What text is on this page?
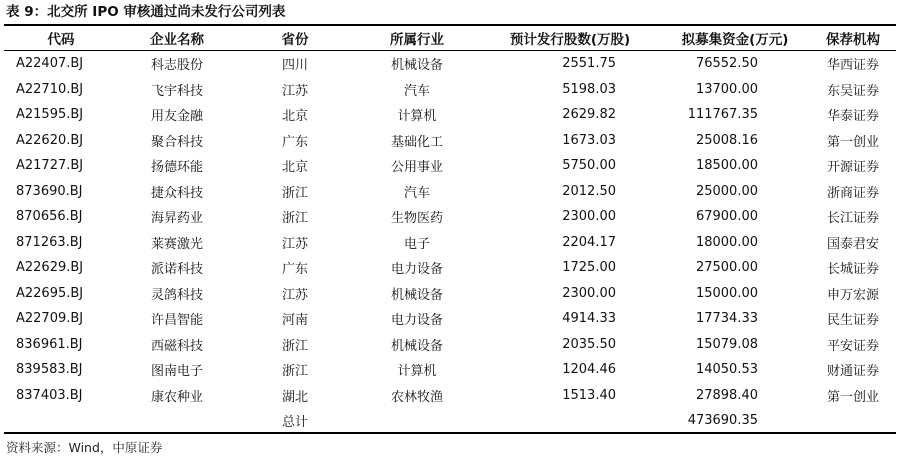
表 9：北交所 IPO 审核通过尚未发行公司列表
代码	企业名称	省份	所属行业	预计发行股数(万股)	拟募集资金(万元)	保荐机构
A22407.BJ	科志股份	四川	机械设备	2551.75	76552.50	华西证券
A22710.BJ	飞宇科技	江苏	汽车	5198.03	13700.00	东吴证券
A21595.BJ	用友金融	北京	计算机	2629.82	111767.35	华泰证券
A22620.BJ	聚合科技	广东	基础化工	1673.03	25008.16	第一创业
A21727.BJ	扬德环能	北京	公用事业	5750.00	18500.00	开源证券
873690.BJ	捷众科技	浙江	汽车	2012.50	25000.00	浙商证券
870656.BJ	海昇药业	浙江	生物医药	2300.00	67900.00	长江证券
871263.BJ	莱赛激光	江苏	电子	2204.17	18000.00	国泰君安
A22629.BJ	派诺科技	广东	电力设备	1725.00	27500.00	长城证券
A22695.BJ	灵鸽科技	江苏	机械设备	2300.00	15000.00	申万宏源
A22709.BJ	许昌智能	河南	电力设备	4914.33	17734.33	民生证券
836961.BJ	西磁科技	浙江	机械设备	2035.50	15079.08	平安证券
839583.BJ	图南电子	浙江	计算机	1204.46	14050.53	财通证券
837403.BJ	康农种业	湖北	农林牧渔	1513.40	27898.40	第一创业
		总计			473690.35	
资料来源：Wind，中原证券
